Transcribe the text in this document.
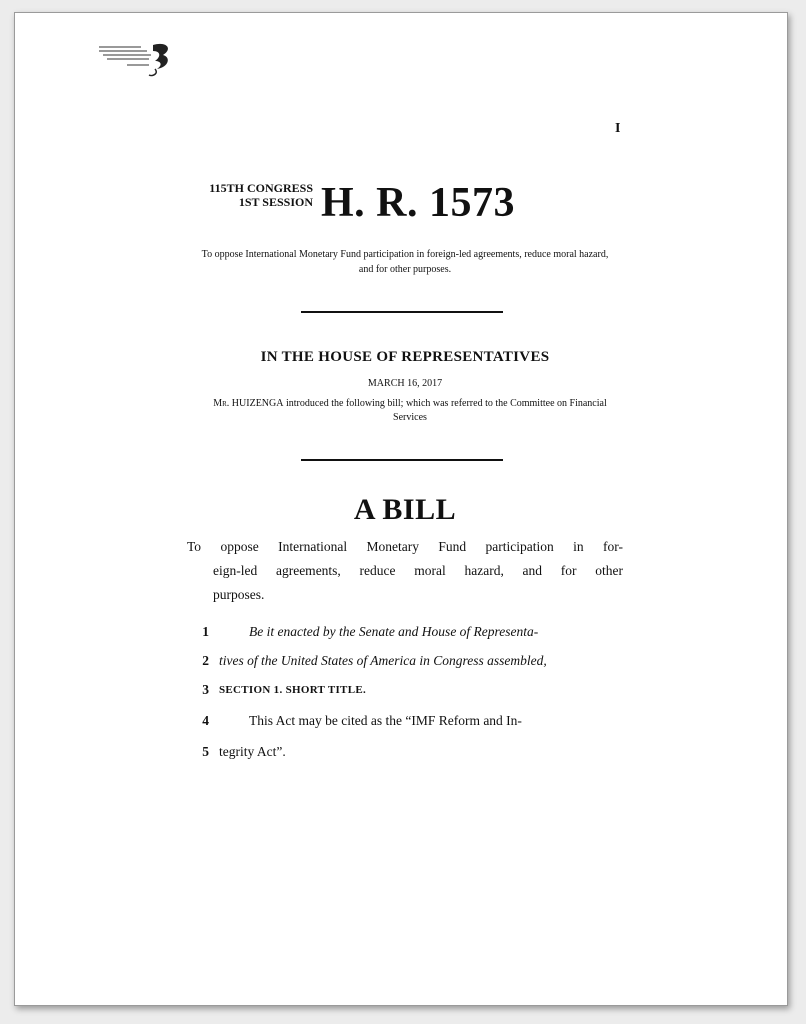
I
115TH CONGRESS
1ST SESSION H. R. 1573
To oppose International Monetary Fund participation in foreign-led agreements, reduce moral hazard, and for other purposes.
IN THE HOUSE OF REPRESENTATIVES
MARCH 16, 2017
Mr. HUIZENGA introduced the following bill; which was referred to the Committee on Financial Services
A BILL
To oppose International Monetary Fund participation in for-
eign-led agreements, reduce moral hazard, and for other
purposes.
1	Be it enacted by the Senate and House of Representa-
2 tives of the United States of America in Congress assembled,
3 SECTION 1. SHORT TITLE.
4	This Act may be cited as the “IMF Reform and In-
5 tegrity Act”.
